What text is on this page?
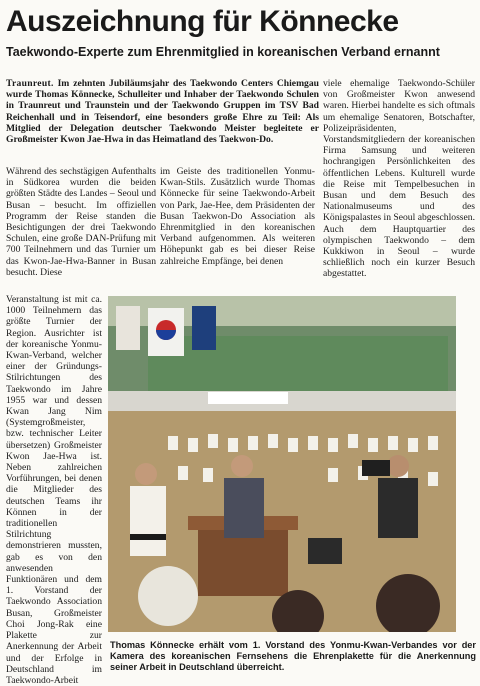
Auszeichnung für Könnecke
Taekwondo-Experte zum Ehrenmitglied in koreanischen Verband ernannt
Traunreut. Im zehnten Jubiläumsjahr des Taekwondo Centers Chiemgau wurde Thomas Könnecke, Schulleiter und Inhaber der Taekwondo Schulen in Traunreut und Traunstein und der Taekwondo Gruppen im TSV Bad Reichenhall und in Teisendorf, eine besonders große Ehre zu Teil: Als Mitglied der Delegation deutscher Taekwondo Meister begleitete er Großmeister Kwon Jae-Hwa in das Heimatland des Taekwon-Do.
Während des sechstägigen Aufenthalts in Südkorea wurden die beiden größten Städte des Landes – Seoul und Busan – besucht. Im offiziellen Programm der Reise standen die Besichtigungen der drei Taekwondo Schulen, eine große DAN-Prüfung mit 700 Teilnehmern und das Turnier um das Kwon-Jae-Hwa-Banner in Busan besucht. Diese
Veranstaltung ist mit ca. 1000 Teilnehmern das größte Turnier der Region. Ausrichter ist der koreanische Yonmu-Kwan-Verband, welcher einer der Gründungs-Stilrichtungen des Taekwondo im Jahre 1955 war und dessen Kwan Jang Nim (Systemgroßmeister, bzw. technischer Leiter übersetzen) Großmeister Kwon Jae-Hwa ist. Neben zahlreichen Vorführungen, bei denen die Mitglieder des deutschen Teams ihr Können in der traditionellen Stilrichtung demonstrieren mussten, gab es von den anwesenden Funktionären und dem 1. Vorstand der Taekwondo Association Busan, Großmeister Choi Jong-Rak eine Plakette zur Anerkennung der Arbeit und der Erfolge in Deutschland im Taekwondo-Arbeit
im Geiste des traditionellen Yonmu-Kwan-Stils. Zusätzlich wurde Thomas Könnecke für seine Taekwondo-Arbeit von Park, Jae-Hee, dem Präsidenten der Busan Taekwon-Do Association als Ehrenmitglied in den koreanischen Verband aufgenommen. Als weiteren Höhepunkt gab es bei dieser Reise zahlreiche Empfänge, bei denen
viele ehemalige Taekwondo-Schüler von Großmeister Kwon anwesend waren. Hierbei handelte es sich oftmals um ehemalige Senatoren, Botschafter, Polizeipräsidenten, Vorstandsmitgliedern der koreanischen Firma Samsung und weiteren hochrangigen Persönlichkeiten des öffentlichen Lebens. Kulturell wurde die Reise mit Tempelbesuchen in Busan und dem Besuch des Nationalmuseums und des Königspalastes in Seoul abgeschlossen. Auch dem Hauptquartier des olympischen Taekwondo – dem Kukkiwon in Seoul – wurde schließlich noch ein kurzer Besuch abgestattet.
Thomas Könnecke erhält vom 1. Vorstand des Yonmu-Kwan-Verbandes vor der Kamera des koreanischen Fernsehens die Ehrenplakette für die Anerkennung seiner Arbeit in Deutschland überreicht.
